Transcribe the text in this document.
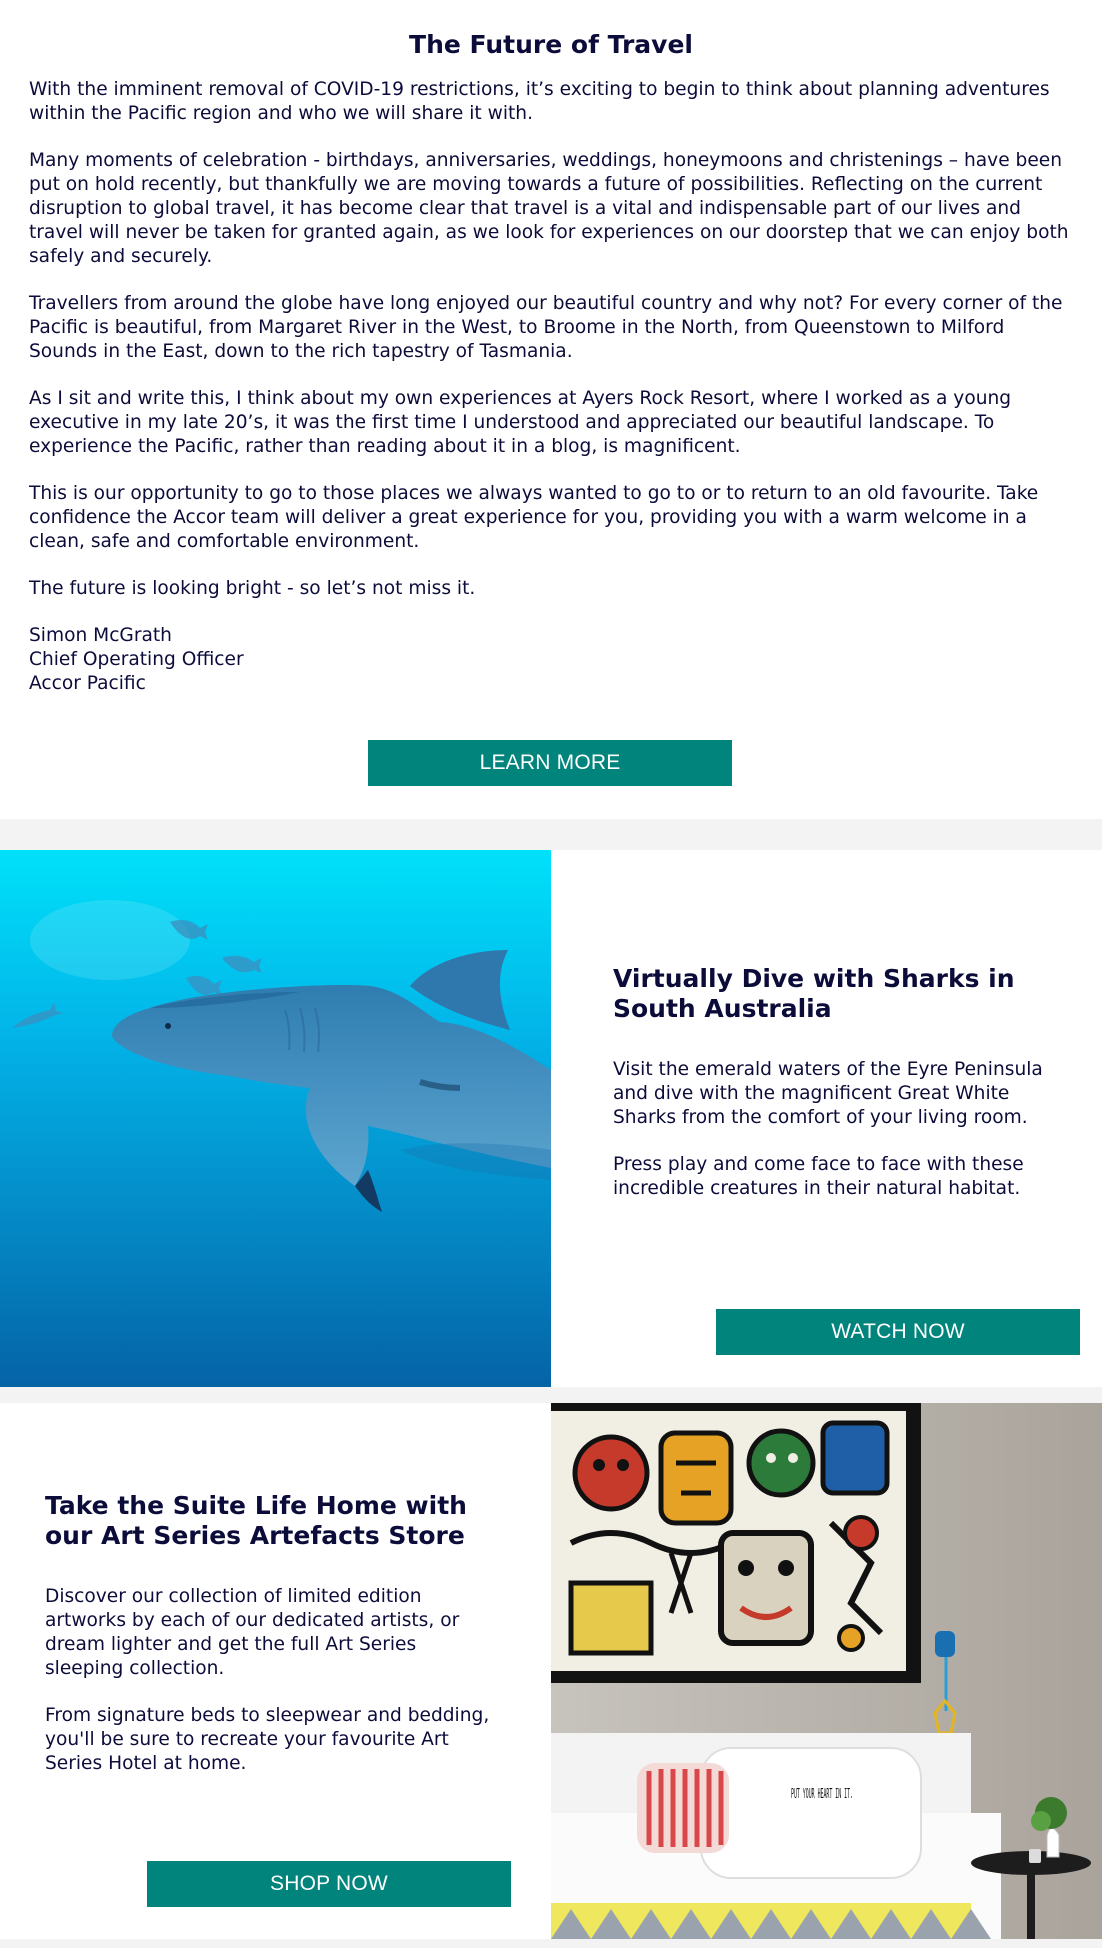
The Future of Travel

With the imminent removal of COVID-19 restrictions, it’s exciting to begin to think about planning adventures within the Pacific region and who we will share it with.

Many moments of celebration - birthdays, anniversaries, weddings, honeymoons and christenings – have been put on hold recently, but thankfully we are moving towards a future of possibilities. Reflecting on the current disruption to global travel, it has become clear that travel is a vital and indispensable part of our lives and travel will never be taken for granted again, as we look for experiences on our doorstep that we can enjoy both safely and securely.

Travellers from around the globe have long enjoyed our beautiful country and why not? For every corner of the Pacific is beautiful, from Margaret River in the West, to Broome in the North, from Queenstown to Milford Sounds in the East, down to the rich tapestry of Tasmania.

As I sit and write this, I think about my own experiences at Ayers Rock Resort, where I worked as a young executive in my late 20’s, it was the first time I understood and appreciated our beautiful landscape. To experience the Pacific, rather than reading about it in a blog, is magnificent.

This is our opportunity to go to those places we always wanted to go to or to return to an old favourite. Take confidence the Accor team will deliver a great experience for you, providing you with a warm welcome in a clean, safe and comfortable environment.

The future is looking bright - so let’s not miss it.

Simon McGrath
Chief Operating Officer
Accor Pacific

LEARN MORE
Virtually Dive with Sharks in South Australia

Visit the emerald waters of the Eyre Peninsula and dive with the magnificent Great White Sharks from the comfort of your living room.

Press play and come face to face with these incredible creatures in their natural habitat.

WATCH NOW
Take the Suite Life Home with our Art Series Artefacts Store

Discover our collection of limited edition artworks by each of our dedicated artists, or dream lighter and get the full Art Series sleeping collection.

From signature beds to sleepwear and bedding, you'll be sure to recreate your favourite Art Series Hotel at home.

SHOP NOW
PUT YOUR HEART IN IT.
